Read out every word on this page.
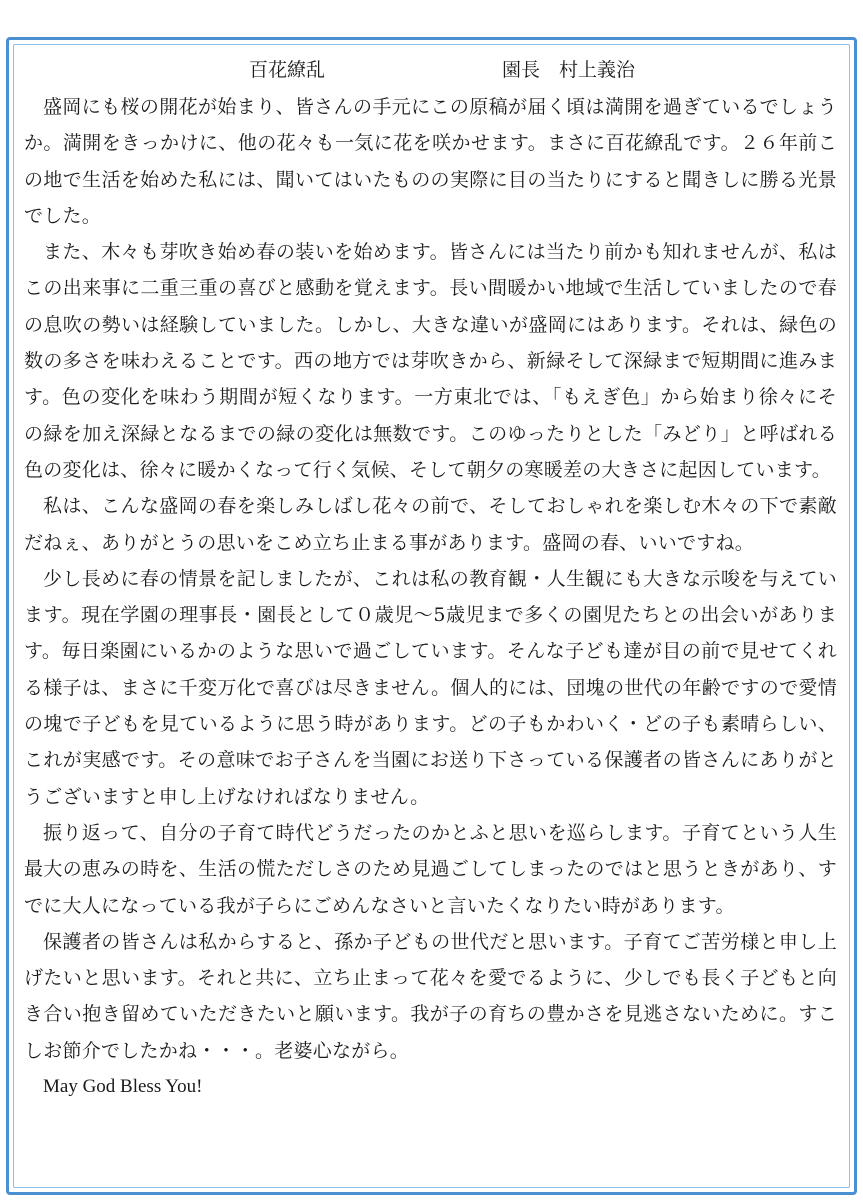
百花繚乱	園長　村上義治

盛岡にも桜の開花が始まり、皆さんの手元にこの原稿が届く頃は満開を過ぎているでしょうか。満開をきっかけに、他の花々も一気に花を咲かせます。まさに百花繚乱です。２６年前この地で生活を始めた私には、聞いてはいたものの実際に目の当たりにすると聞きしに勝る光景でした。

また、木々も芽吹き始め春の装いを始めます。皆さんには当たり前かも知れませんが、私はこの出来事に二重三重の喜びと感動を覚えます。長い間暖かい地域で生活していましたので春の息吹の勢いは経験していました。しかし、大きな違いが盛岡にはあります。それは、緑色の数の多さを味わえることです。西の地方では芽吹きから、新緑そして深緑まで短期間に進みます。色の変化を味わう期間が短くなります。一方東北では、「もえぎ色」から始まり徐々にその緑を加え深緑となるまでの緑の変化は無数です。このゆったりとした「みどり」と呼ばれる色の変化は、徐々に暖かくなって行く気候、そして朝夕の寒暖差の大きさに起因しています。

私は、こんな盛岡の春を楽しみしばし花々の前で、そしておしゃれを楽しむ木々の下で素敵だねぇ、ありがとうの思いをこめ立ち止まる事があります。盛岡の春、いいですね。

少し長めに春の情景を記しましたが、これは私の教育観・人生観にも大きな示唆を与えています。現在学園の理事長・園長として０歳児〜5歳児まで多くの園児たちとの出会いがあります。毎日楽園にいるかのような思いで過ごしています。そんな子ども達が目の前で見せてくれる様子は、まさに千変万化で喜びは尽きません。個人的には、団塊の世代の年齢ですので愛情の塊で子どもを見ているように思う時があります。どの子もかわいく・どの子も素晴らしい、これが実感です。その意味でお子さんを当園にお送り下さっている保護者の皆さんにありがとうございますと申し上げなければなりません。

振り返って、自分の子育て時代どうだったのかとふと思いを巡らします。子育てという人生最大の恵みの時を、生活の慌ただしさのため見過ごしてしまったのではと思うときがあり、すでに大人になっている我が子らにごめんなさいと言いたくなりたい時があります。

保護者の皆さんは私からすると、孫か子どもの世代だと思います。子育てご苦労様と申し上げたいと思います。それと共に、立ち止まって花々を愛でるように、少しでも長く子どもと向き合い抱き留めていただきたいと願います。我が子の育ちの豊かさを見逃さないために。すこしお節介でしたかね・・・。老婆心ながら。

May God Bless You!
